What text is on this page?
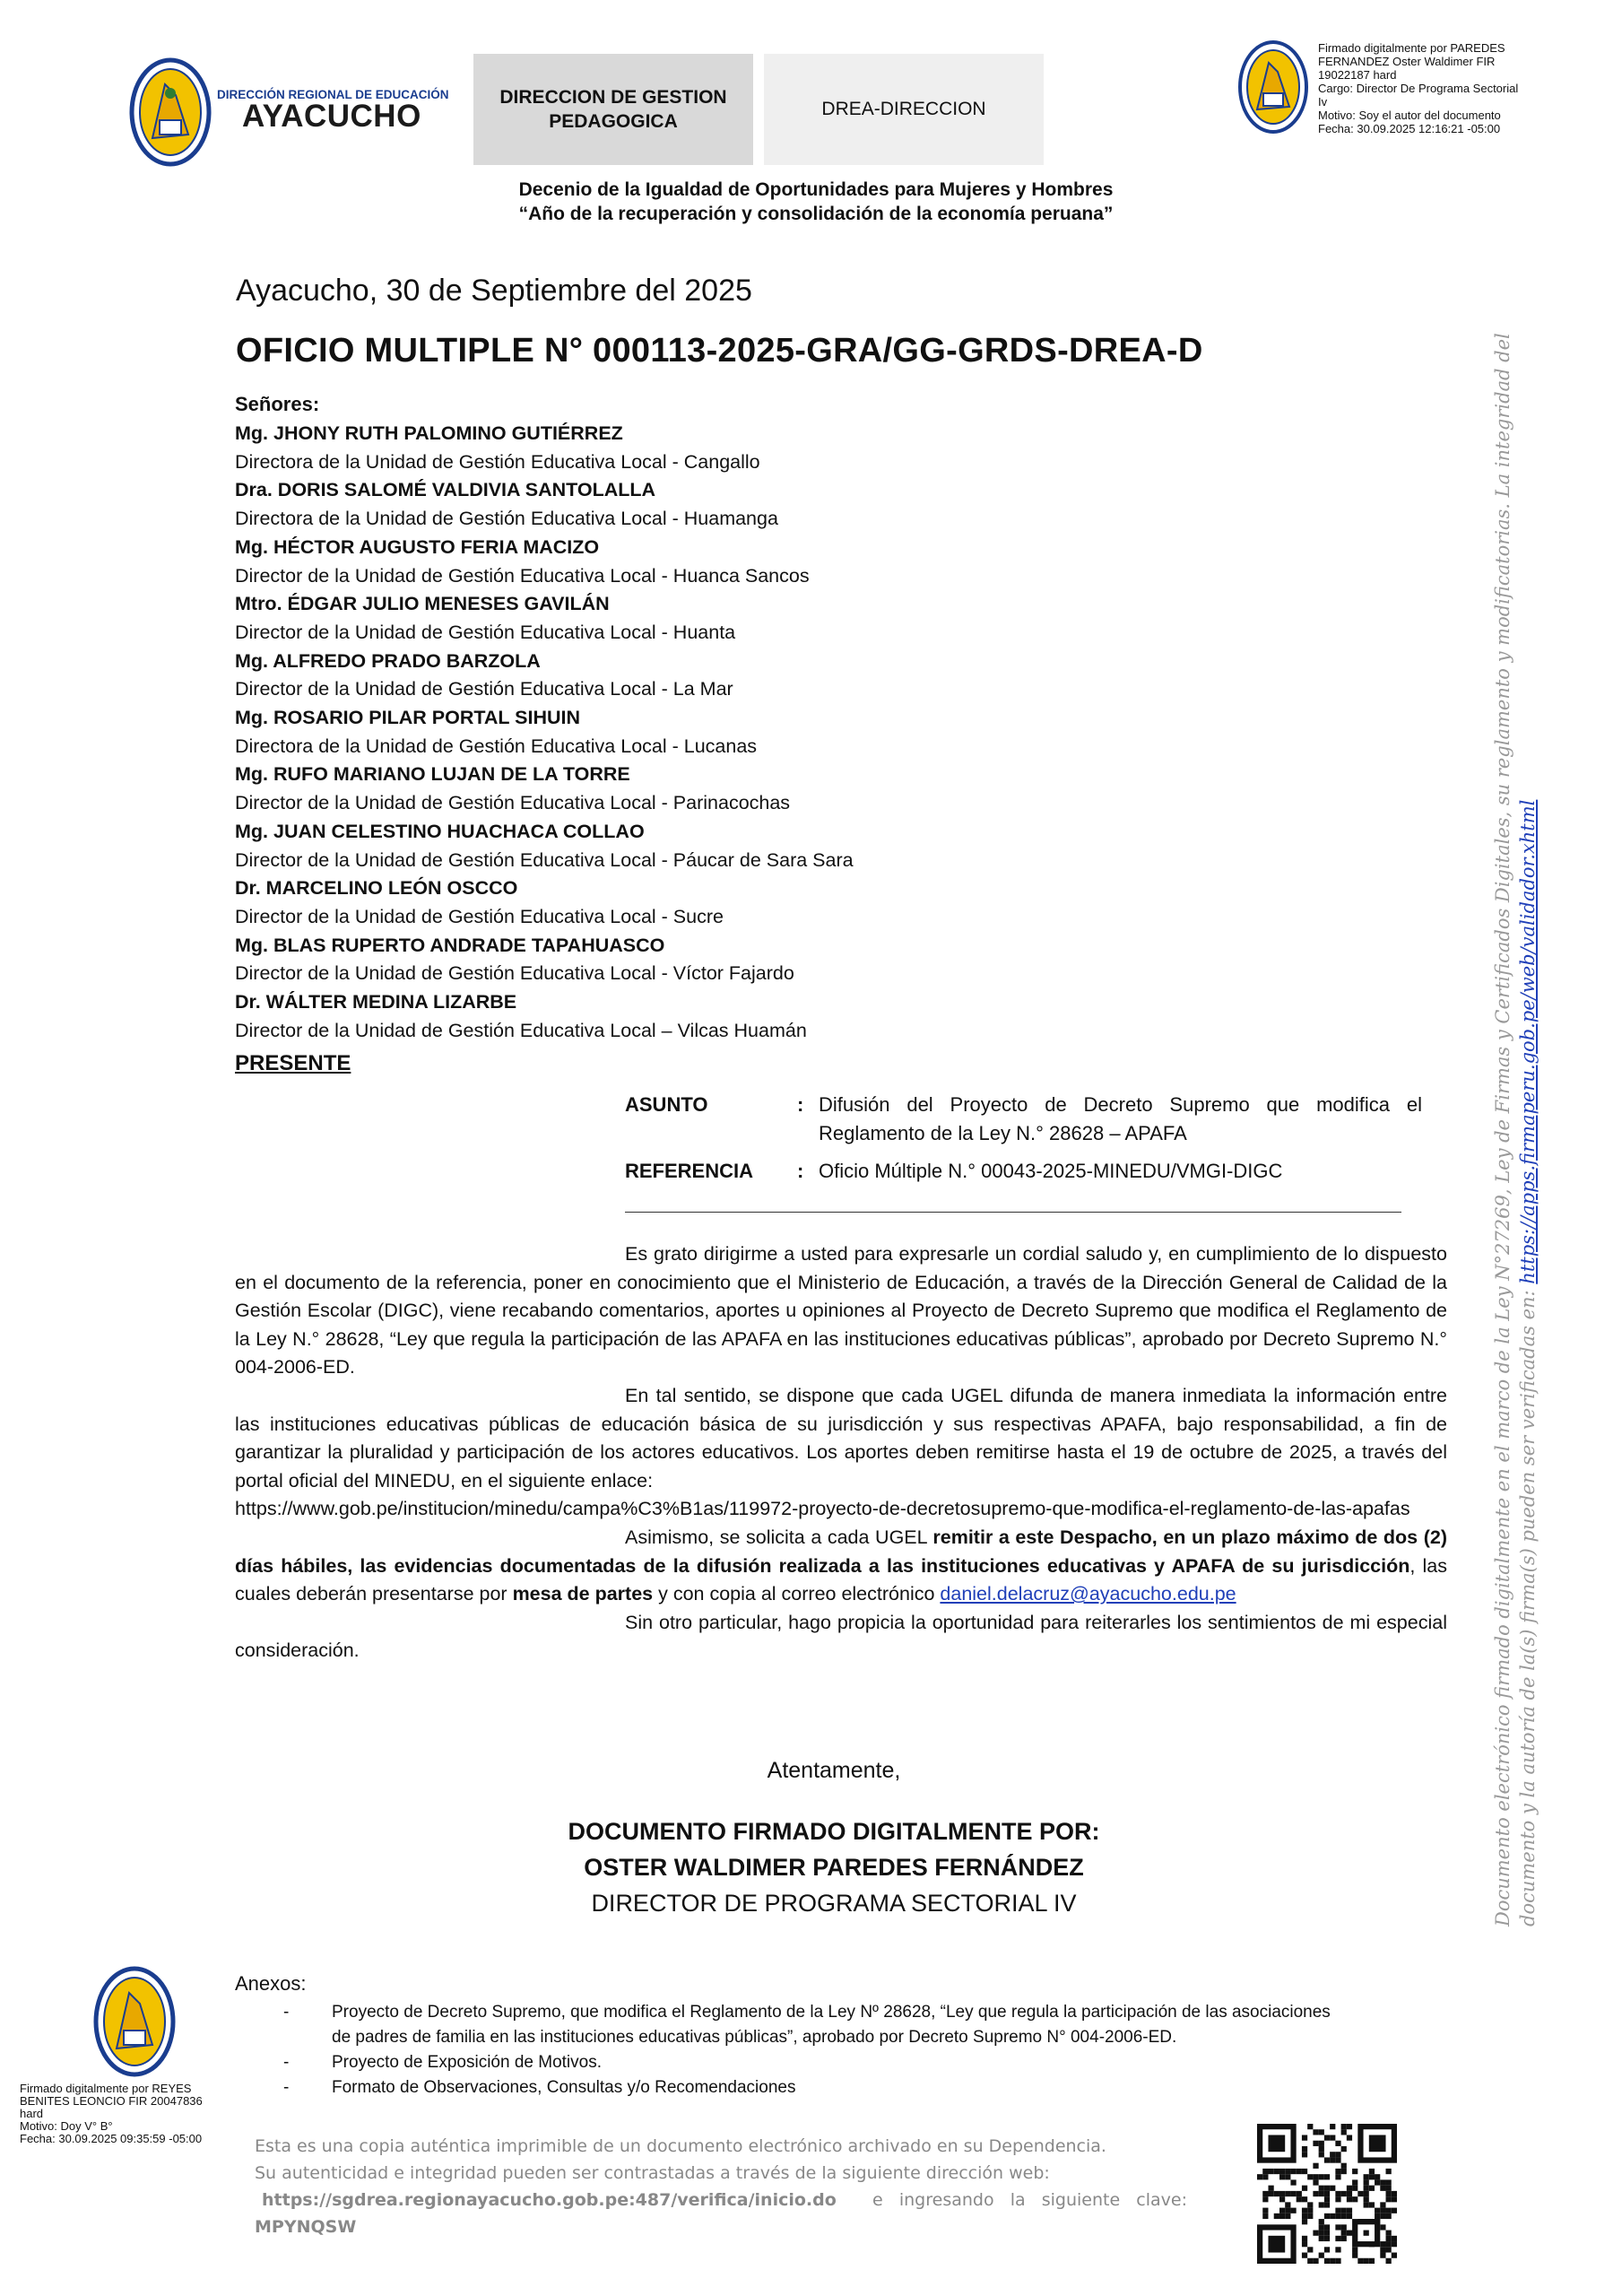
DIRECCIÓN REGIONAL DE EDUCACIÓN
AYACUCHO
DIRECCION DE GESTION
PEDAGOGICA
DREA-DIRECCION
Firmado digitalmente por PAREDES
FERNANDEZ Oster Waldimer FIR
19022187 hard
Cargo: Director De Programa Sectorial
Iv
Motivo: Soy el autor del documento
Fecha: 30.09.2025 12:16:21 -05:00
Decenio de la Igualdad de Oportunidades para Mujeres y Hombres
“Año de la recuperación y consolidación de la economía peruana”
Ayacucho, 30 de Septiembre del 2025
OFICIO MULTIPLE N° 000113-2025-GRA/GG-GRDS-DREA-D
Señores:
Mg. JHONY RUTH PALOMINO GUTIÉRREZ
Directora de la Unidad de Gestión Educativa Local - Cangallo
Dra. DORIS SALOMÉ VALDIVIA SANTOLALLA
Directora de la Unidad de Gestión Educativa Local - Huamanga
Mg. HÉCTOR AUGUSTO FERIA MACIZO
Director de la Unidad de Gestión Educativa Local - Huanca Sancos
Mtro. ÉDGAR JULIO MENESES GAVILÁN
Director de la Unidad de Gestión Educativa Local - Huanta
Mg. ALFREDO PRADO BARZOLA
Director de la Unidad de Gestión Educativa Local - La Mar
Mg. ROSARIO PILAR PORTAL SIHUIN
Directora de la Unidad de Gestión Educativa Local - Lucanas
Mg. RUFO MARIANO LUJAN DE LA TORRE
Director de la Unidad de Gestión Educativa Local - Parinacochas
Mg. JUAN CELESTINO HUACHACA COLLAO
Director de la Unidad de Gestión Educativa Local - Páucar de Sara Sara
Dr. MARCELINO LEÓN OSCCO
Director de la Unidad de Gestión Educativa Local - Sucre
Mg. BLAS RUPERTO ANDRADE TAPAHUASCO
Director de la Unidad de Gestión Educativa Local - Víctor Fajardo
Dr. WÁLTER MEDINA LIZARBE
Director de la Unidad de Gestión Educativa Local – Vilcas Huamán
PRESENTE
ASUNTO	: Difusión del Proyecto de Decreto Supremo que modifica el
Reglamento de la Ley N.° 28628 – APAFA
REFERENCIA : Oficio Múltiple N.° 00043-2025-MINEDU/VMGI-DIGC

Es grato dirigirme a usted para expresarle un cordial saludo y, en cumplimiento de lo dispuesto en el documento de la referencia, poner en conocimiento que el Ministerio de Educación, a través de la Dirección General de Calidad de la Gestión Escolar (DIGC), viene recabando comentarios, aportes u opiniones al Proyecto de Decreto Supremo que modifica el Reglamento de la Ley N.° 28628, “Ley que regula la participación de las APAFA en las instituciones educativas públicas”, aprobado por Decreto Supremo N.° 004-2006-ED.

En tal sentido, se dispone que cada UGEL difunda de manera inmediata la información entre las instituciones educativas públicas de educación básica de su jurisdicción y sus respectivas APAFA, bajo responsabilidad, a fin de garantizar la pluralidad y participación de los actores educativos. Los aportes deben remitirse hasta el 19 de octubre de 2025, a través del portal oficial del MINEDU, en el siguiente enlace:

https://www.gob.pe/institucion/minedu/campa%C3%B1as/119972-proyecto-de-decretosupremo-que-modifica-el-reglamento-de-las-apafas

Asimismo, se solicita a cada UGEL remitir a este Despacho, en un plazo máximo de dos (2) días hábiles, las evidencias documentadas de la difusión realizada a las instituciones educativas y APAFA de su jurisdicción, las cuales deberán presentarse por mesa de partes y con copia al correo electrónico daniel.delacruz@ayacucho.edu.pe

Sin otro particular, hago propicia la oportunidad para reiterarles los sentimientos de mi especial consideración.

Atentamente,
DOCUMENTO FIRMADO DIGITALMENTE POR:
OSTER WALDIMER PAREDES FERNÁNDEZ
DIRECTOR DE PROGRAMA SECTORIAL IV
Anexos:
-	Proyecto de Decreto Supremo, que modifica el Reglamento de la Ley Nº 28628, “Ley que regula la participación de las asociaciones
de padres de familia en las instituciones educativas públicas”, aprobado por Decreto Supremo N° 004-2006-ED.
-	Proyecto de Exposición de Motivos.
-	Formato de Observaciones, Consultas y/o Recomendaciones
Firmado digitalmente por REYES
BENITES LEONCIO FIR 20047836
hard
Motivo: Doy V° B°
Fecha: 30.09.2025 09:35:59 -05:00	Esta es una copia auténtica imprimible de un documento electrónico archivado en su Dependencia.
Su autenticidad e integridad pueden ser contrastadas a través de la siguiente dirección web:
https://sgdrea.regionayacucho.gob.pe:487/verifica/inicio.do e   ingresando   la   siguiente   clave:
MPYNQSW
Documento electrónico firmado digitalmente en el marco de la Ley N°27269, Ley de Firmas y Certificados Digitales, su reglamento y modificatorias. La integridad del documento y la autoría de la(s) firma(s) pueden ser verificadas en: https://apps.firmaperu.gob.pe/web/validador.xhtml
